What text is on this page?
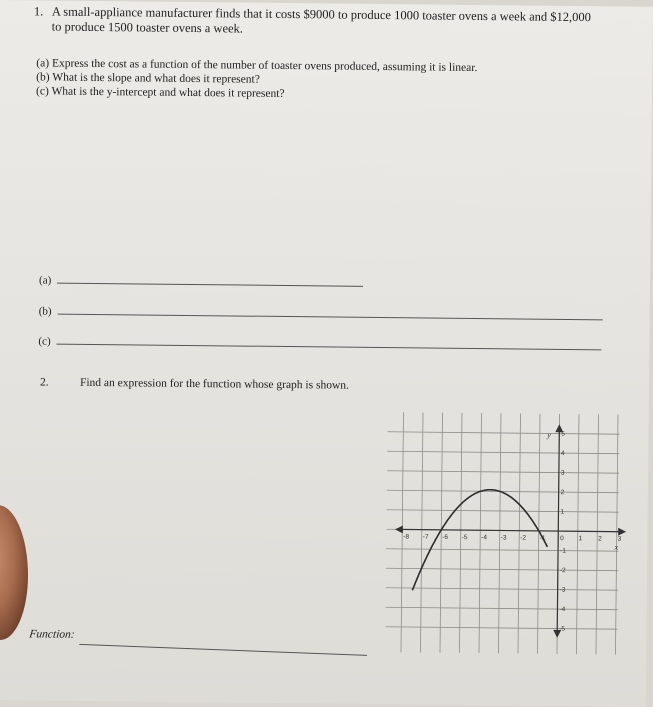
1. A small-appliance manufacturer finds that it costs $9000 to produce 1000 toaster ovens a week and $12,000
to produce 1500 toaster ovens a week.
(a) Express the cost as a function of the number of toaster ovens produced, assuming it is linear.
(b) What is the slope and what does it represent?
(c) What is the y-intercept and what does it represent?
(a)
(b)
(c)
2.	Find an expression for the function whose graph is shown.
-8 -7 -6 -5 -4 -3 -2 -1 0 1 2 3
5
4
3
2
1
-1
-2
-3
-4
-5
x
y
Function:
